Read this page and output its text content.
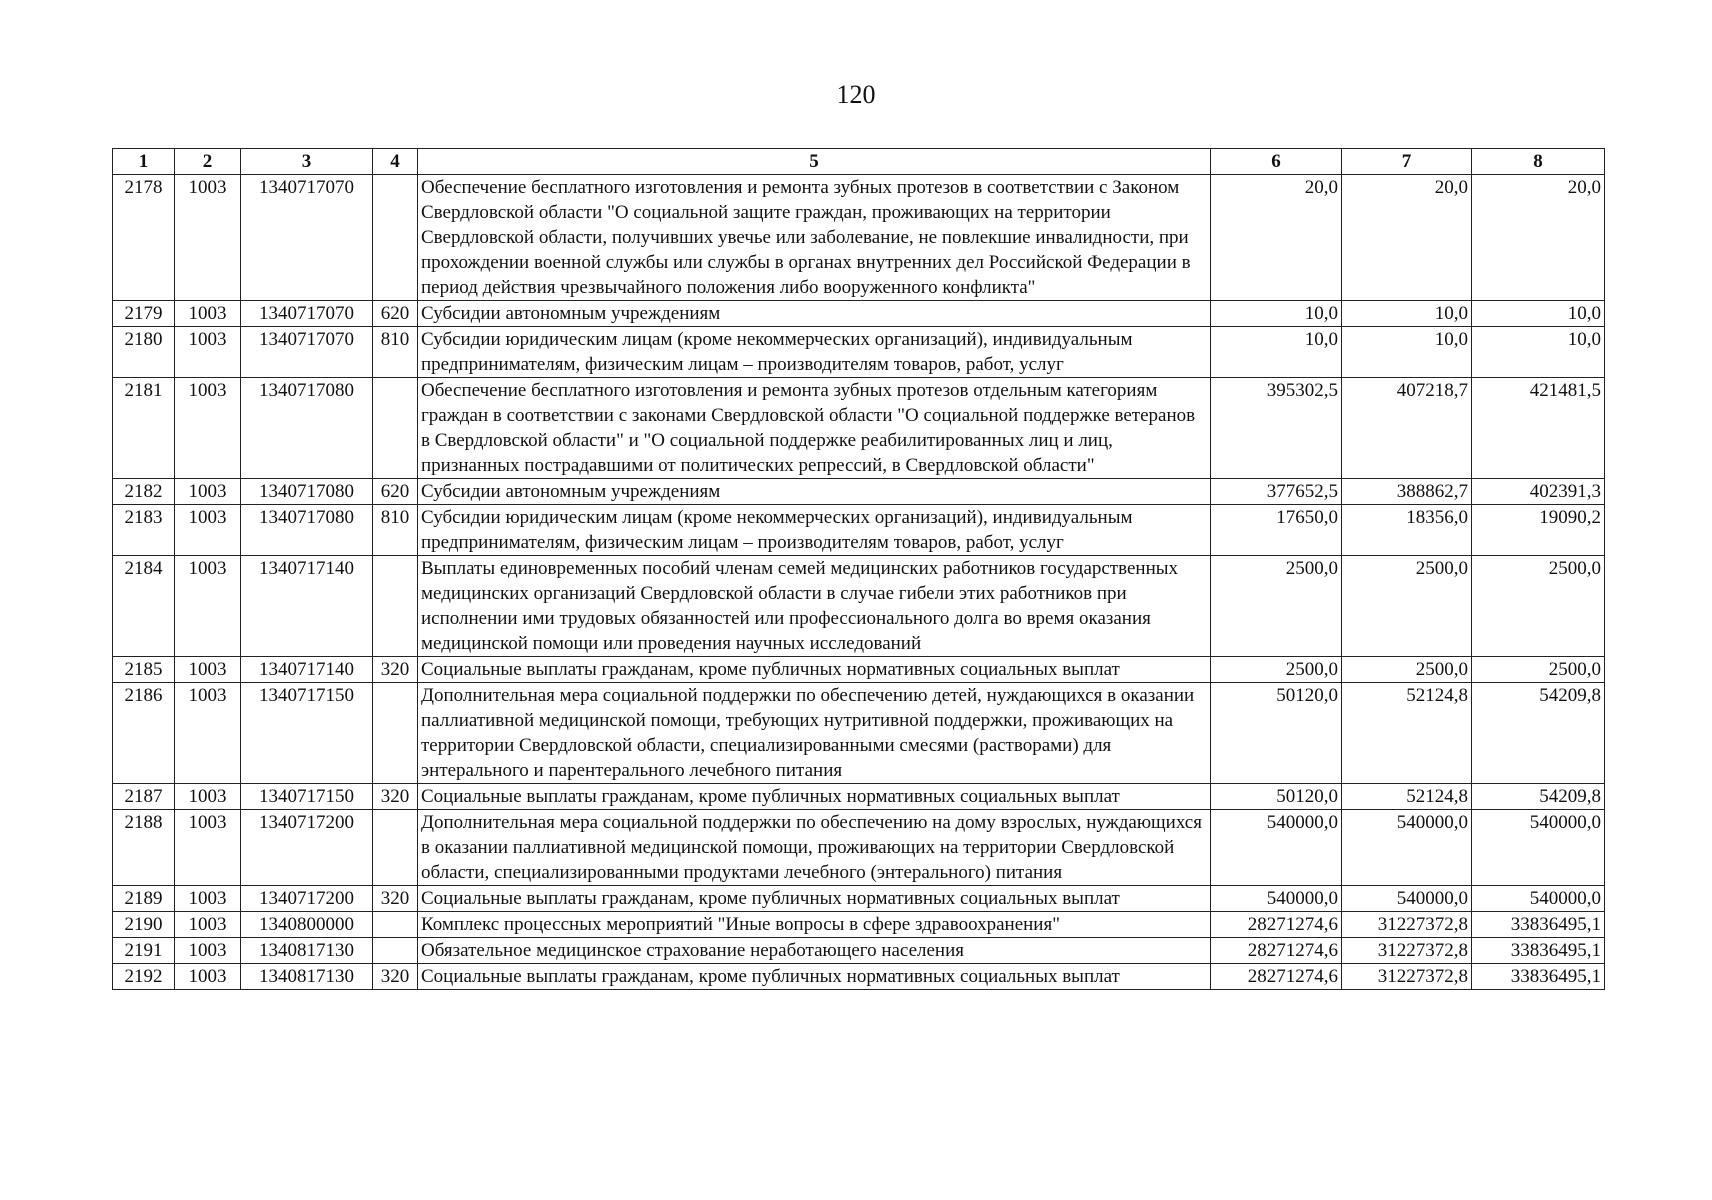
120
1	2	3	4	5	6	7	8
2178	1003	1340717070		Обеспечение бесплатного изготовления и ремонта зубных протезов в соответствии с Законом Свердловской области "О социальной защите граждан, проживающих на территории Свердловской области, получивших увечье или заболевание, не повлекшие инвалидности, при прохождении военной службы или службы в органах внутренних дел Российской Федерации в период действия чрезвычайного положения либо вооруженного конфликта"	20,0	20,0	20,0
2179	1003	1340717070	620	Субсидии автономным учреждениям	10,0	10,0	10,0
2180	1003	1340717070	810	Субсидии юридическим лицам (кроме некоммерческих организаций), индивидуальным предпринимателям, физическим лицам – производителям товаров, работ, услуг	10,0	10,0	10,0
2181	1003	1340717080		Обеспечение бесплатного изготовления и ремонта зубных протезов отдельным категориям граждан в соответствии с законами Свердловской области "О социальной поддержке ветеранов в Свердловской области" и "О социальной поддержке реабилитированных лиц и лиц, признанных пострадавшими от политических репрессий, в Свердловской области"	395302,5	407218,7	421481,5
2182	1003	1340717080	620	Субсидии автономным учреждениям	377652,5	388862,7	402391,3
2183	1003	1340717080	810	Субсидии юридическим лицам (кроме некоммерческих организаций), индивидуальным предпринимателям, физическим лицам – производителям товаров, работ, услуг	17650,0	18356,0	19090,2
2184	1003	1340717140		Выплаты единовременных пособий членам семей медицинских работников государственных медицинских организаций Свердловской области в случае гибели этих работников при исполнении ими трудовых обязанностей или профессионального долга во время оказания медицинской помощи или проведения научных исследований	2500,0	2500,0	2500,0
2185	1003	1340717140	320	Социальные выплаты гражданам, кроме публичных нормативных социальных выплат	2500,0	2500,0	2500,0
2186	1003	1340717150		Дополнительная мера социальной поддержки по обеспечению детей, нуждающихся в оказании паллиативной медицинской помощи, требующих нутритивной поддержки, проживающих на территории Свердловской области, специализированными смесями (растворами) для энтерального и парентерального лечебного питания	50120,0	52124,8	54209,8
2187	1003	1340717150	320	Социальные выплаты гражданам, кроме публичных нормативных социальных выплат	50120,0	52124,8	54209,8
2188	1003	1340717200		Дополнительная мера социальной поддержки по обеспечению на дому взрослых, нуждающихся в оказании паллиативной медицинской помощи, проживающих на территории Свердловской области, специализированными продуктами лечебного (энтерального) питания	540000,0	540000,0	540000,0
2189	1003	1340717200	320	Социальные выплаты гражданам, кроме публичных нормативных социальных выплат	540000,0	540000,0	540000,0
2190	1003	1340800000		Комплекс процессных мероприятий "Иные вопросы в сфере здравоохранения"	28271274,6	31227372,8	33836495,1
2191	1003	1340817130		Обязательное медицинское страхование неработающего населения	28271274,6	31227372,8	33836495,1
2192	1003	1340817130	320	Социальные выплаты гражданам, кроме публичных нормативных социальных выплат	28271274,6	31227372,8	33836495,1
